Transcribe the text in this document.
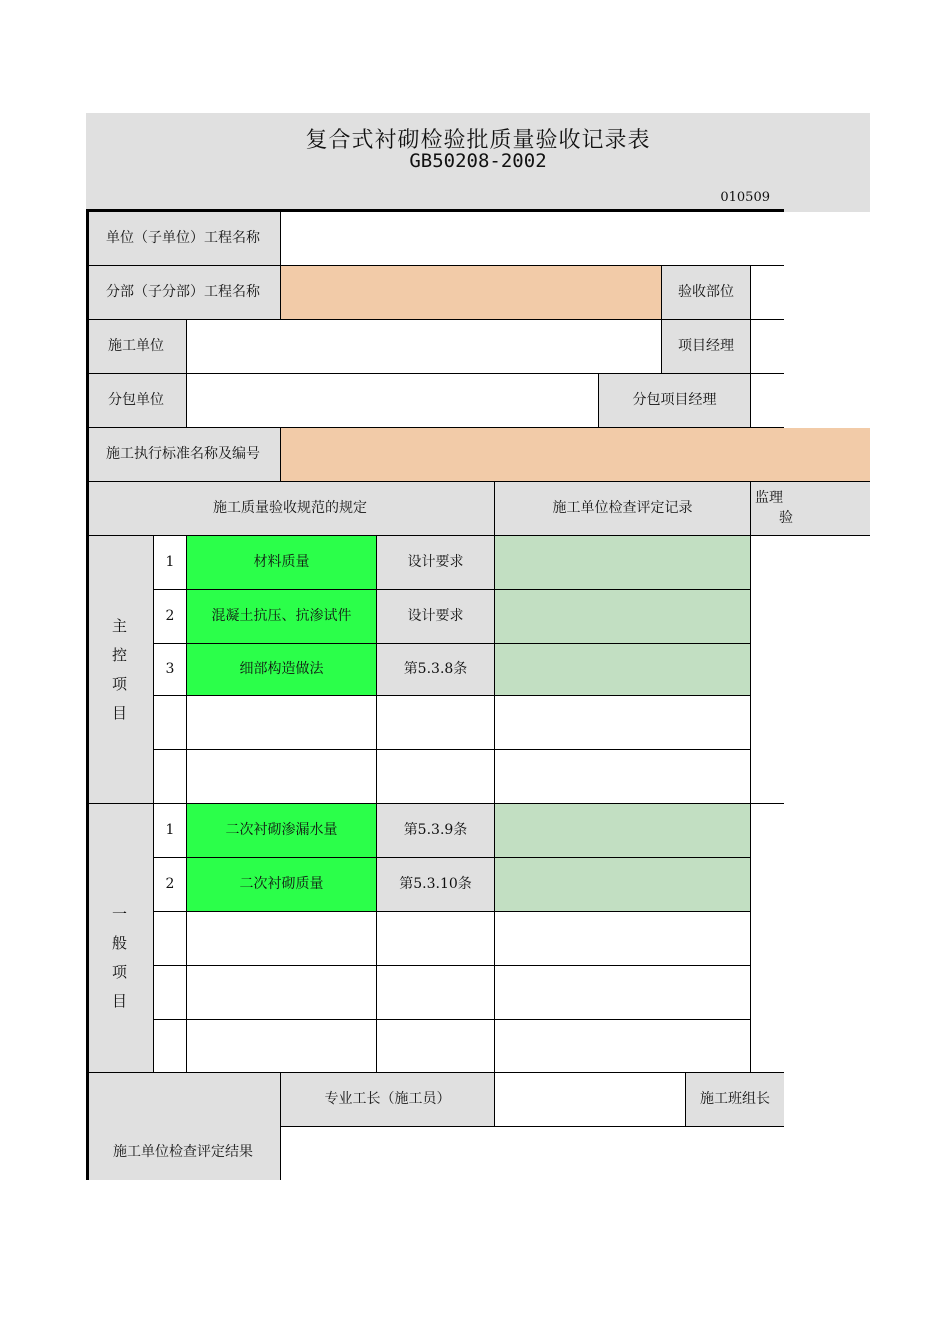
复合式衬砌检验批质量验收记录表
GB50208-2002
010509
单位（子单位）工程名称
分部（子分部）工程名称	验收部位
施工单位	项目经理
分包单位	分包项目经理
施工执行标准名称及编号
施工质量验收规范的规定	施工单位检查评定记录
监理
验
主
控
项
目
1	材料质量	设计要求
2	混凝土抗压、抗渗试件	设计要求
3	细部构造做法	第5.3.8条
一
般
项
目
1	二次衬砌渗漏水量	第5.3.9条
2	二次衬砌质量	第5.3.10条
施工单位检查评定结果
专业工长（施工员）	施工班组长
